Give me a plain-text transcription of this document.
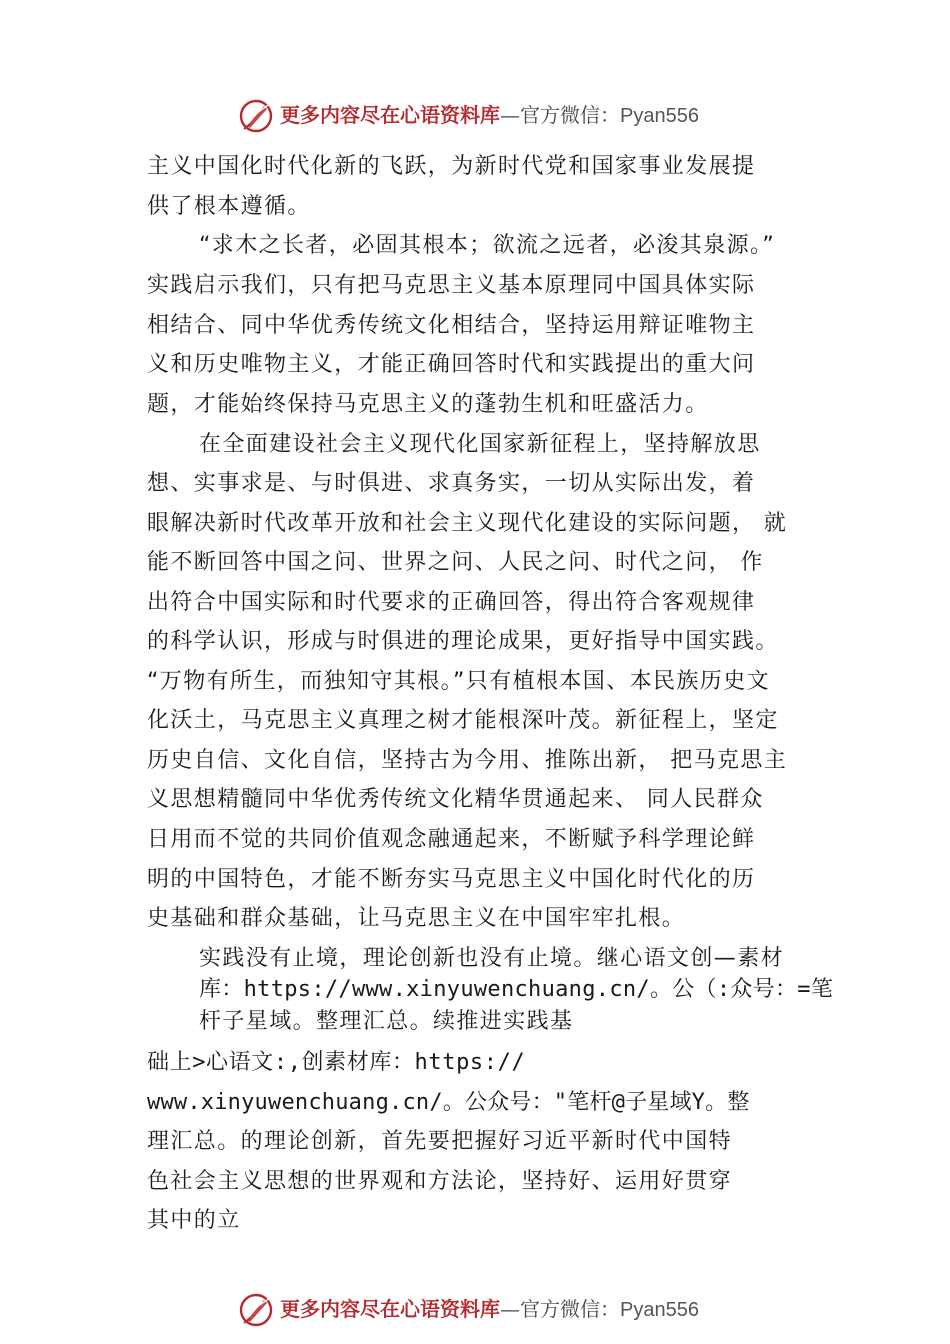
更多内容尽在心语资料库—官方微信：Pyan556
主义中国化时代化新的飞跃，为新时代党和国家事业发展提
供了根本遵循。
“求木之长者，必固其根本；欲流之远者，必浚其泉源。”
实践启示我们，只有把马克思主义基本原理同中国具体实际
相结合、同中华优秀传统文化相结合，坚持运用辩证唯物主
义和历史唯物主义，才能正确回答时代和实践提出的重大问
题，才能始终保持马克思主义的蓬勃生机和旺盛活力。
在全面建设社会主义现代化国家新征程上，坚持解放思
想、实事求是、与时俱进、求真务实，一切从实际出发，着
眼解决新时代改革开放和社会主义现代化建设的实际问题， 就
能不断回答中国之问、世界之问、人民之问、时代之问， 作
出符合中国实际和时代要求的正确回答，得出符合客观规律
的科学认识，形成与时俱进的理论成果，更好指导中国实践。
“万物有所生，而独知守其根。”只有植根本国、本民族历史文
化沃土，马克思主义真理之树才能根深叶茂。新征程上，坚定
历史自信、文化自信，坚持古为今用、推陈出新， 把马克思主
义思想精髓同中华优秀传统文化精华贯通起来、 同人民群众
日用而不觉的共同价值观念融通起来，不断赋予科学理论鲜
明的中国特色，才能不断夯实马克思主义中国化时代化的历
史基础和群众基础，让马克思主义在中国牢牢扎根。
实践没有止境，理论创新也没有止境。继心语文创—素材
库：https://www.xinyuwenchuang.cn/。公（:众号：=笔
杆子星域。整理汇总。续推进实践基
础上>心语文:,创素材库：https://
www.xinyuwenchuang.cn/。公众号："笔杆@子星域Y。整
理汇总。的理论创新，首先要把握好习近平新时代中国特
色社会主义思想的世界观和方法论，坚持好、运用好贯穿
其中的立
更多内容尽在心语资料库—官方微信：Pyan556
